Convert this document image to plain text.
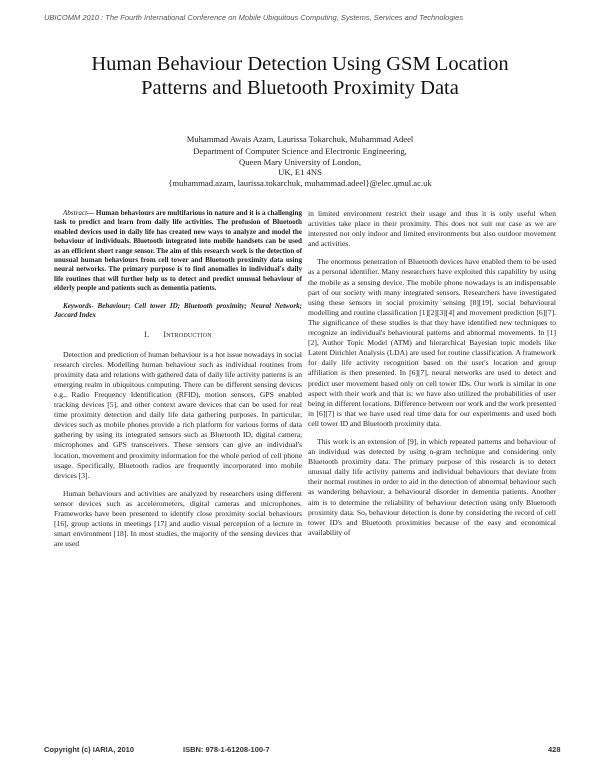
UBICOMM 2010 : The Fourth International Conference on Mobile Ubiquitous Computing, Systems, Services and Technologies
Human Behaviour Detection Using GSM Location
Patterns and Bluetooth Proximity Data
Muhammad Awais Azam, Laurissa Tokarchuk, Muhammad Adeel
Department of Computer Science and Electronic Engineering,
Queen Mary University of London,
UK, E1 4NS
{muhammad.azam, laurissa.tokarchuk, muhammad.adeel}@elec.qmul.ac.uk

Abstract— Human behaviours are multifarious in nature and it is a challenging task to predict and learn from daily life activities. The profusion of Bluetooth enabled devices used in daily life has created new ways to analyze and model the behaviour of individuals. Bluetooth integrated into mobile handsets can be used as an efficient short range sensor. The aim of this research work is the detection of unusual human behaviours from cell tower and Bluetooth proximity data using neural networks. The primary purpose is to find anomalies in individual's daily life routines that will further help us to detect and predict unusual behaviour of elderly people and patients such as dementia patients.

Keywords- Behaviour; Cell tower ID; Bluetooth proximity; Neural Network; Jaccard Index

I. Introduction

Detection and prediction of human behaviour is a hot issue nowadays in social research circles. Modelling human behaviour such as individual routines from proximity data and relations with gathered data of daily life activity patterns is an emerging realm in ubiquitous computing. There can be different sensing devices e.g., Radio Frequency Identification (RFID), motion sensors, GPS enabled tracking devices [5], and other context aware devices that can be used for real time proximity detection and daily life data gathering purposes. In particular, devices such as mobile phones provide a rich platform for various forms of data gathering by using its integrated sensors such as Bluetooth ID, digital camera, microphones and GPS transceivers. These sensors can give an individual's location, movement and proximity information for the whole period of cell phone usage. Specifically, Bluetooth radios are frequently incorporated into mobile devices [3].

Human behaviours and activities are analyzed by researchers using different sensor devices such as accelerometers, digital cameras and microphones. Frameworks have been presented to identify close proximity social behaviours [16], group actions in meetings [17] and audio visual perception of a lecture in smart environment [18]. In most studies, the majority of the sensing devices that are used

in limited environment restrict their usage and thus it is only useful when activities take place in their proximity. This does not suit our case as we are interested not only indoor and limited environments but also outdoor movement and activities.

The enormous penetration of Bluetooth devices have enabled them to be used as a personal identifier. Many researchers have exploited this capability by using the mobile as a sensing device. The mobile phone nowadays is an indispensable part of our society with many integrated sensors. Researchers have investigated using these sensors in social proximity sensing [8][19], social behavioural modelling and routine classification [1][2][3][4] and movement prediction [6][7]. The significance of these studies is that they have identified new techniques to recognize an individual's behavioural patterns and abnormal movements. In [1][2], Author Topic Model (ATM) and hierarchical Bayesian topic models like Latent Dirichlet Analysis (LDA) are used for routine classification. A framework for daily life activity recognition based on the user's location and group affiliation is then presented. In [6][7], neural networks are used to detect and predict user movement based only on cell tower IDs. Our work is similar in one aspect with their work and that is; we have also utilized the probabilities of user being in different locations. Difference between our work and the work presented in [6][7] is that we have used real time data for our experiments and used both cell tower ID and Bluetooth proximity data.

This work is an extension of [9], in which repeated patterns and behaviour of an individual was detected by using n-gram technique and considering only Bluetooth proximity data. The primary purpose of this research is to detect unusual daily life activity patterns and individual behaviours that deviate from their normal routines in order to aid in the detection of abnormal behaviour such as wandering behaviour, a behavioural disorder in dementia patients. Another aim is to determine the reliability of behaviour detection using only Bluetooth proximity data. So, behaviour detection is done by considering the record of cell tower ID's and Bluetooth proximities because of the easy and economical availability of

Copyright (c) IARIA, 2010	ISBN: 978-1-61208-100-7	428
